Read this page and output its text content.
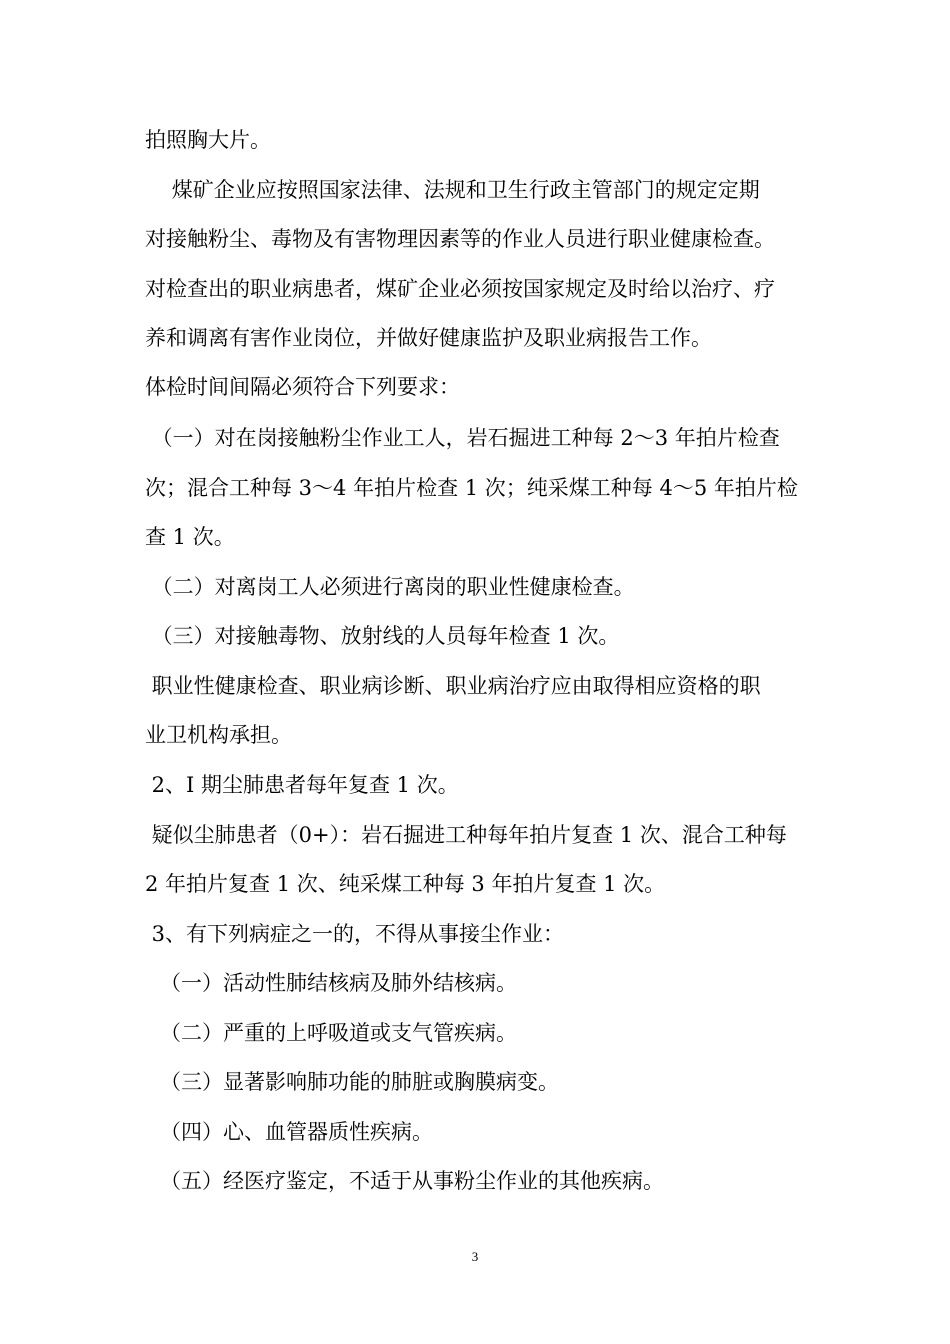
拍照胸大片。
煤矿企业应按照国家法律、法规和卫生行政主管部门的规定定期
对接触粉尘、毒物及有害物理因素等的作业人员进行职业健康检查。
对检查出的职业病患者，煤矿企业必须按国家规定及时给以治疗、疗
养和调离有害作业岗位，并做好健康监护及职业病报告工作。
体检时间间隔必须符合下列要求：
（一）对在岗接触粉尘作业工人，岩石掘进工种每 2～3 年拍片检查
次；混合工种每 3～4 年拍片检查 1 次；纯采煤工种每 4～5 年拍片检
查 1 次。
（二）对离岗工人必须进行离岗的职业性健康检查。
（三）对接触毒物、放射线的人员每年检查 1 次。
职业性健康检查、职业病诊断、职业病治疗应由取得相应资格的职
业卫机构承担。
2、I 期尘肺患者每年复查 1 次。
疑似尘肺患者（0+）：岩石掘进工种每年拍片复查 1 次、混合工种每
2 年拍片复查 1 次、纯采煤工种每 3 年拍片复查 1 次。
3、有下列病症之一的，不得从事接尘作业：
（一）活动性肺结核病及肺外结核病。
（二）严重的上呼吸道或支气管疾病。
（三）显著影响肺功能的肺脏或胸膜病变。
（四）心、血管器质性疾病。
（五）经医疗鉴定，不适于从事粉尘作业的其他疾病。
3
